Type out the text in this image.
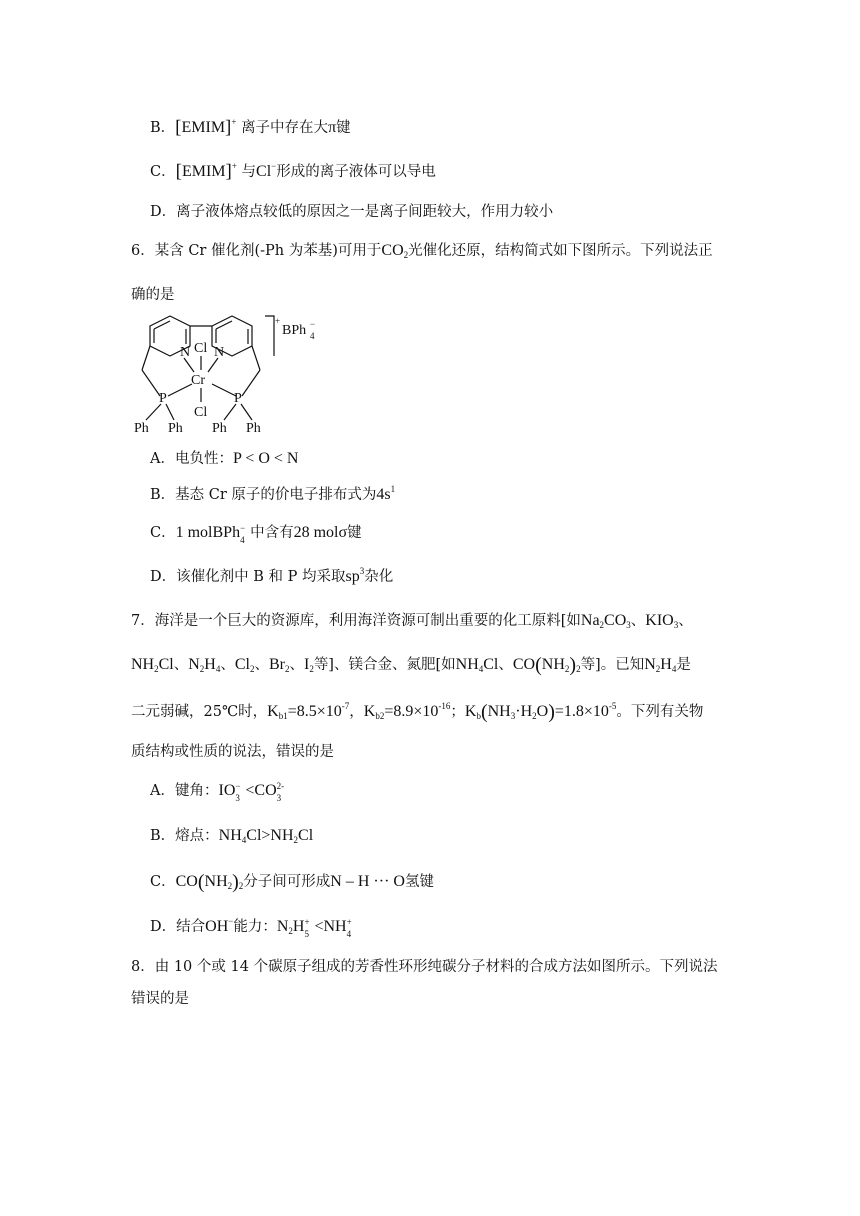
B．[EMIM]+ 离子中存在大π键
C．[EMIM]+ 与Cl−形成的离子液体可以导电
D．离子液体熔点较低的原因之一是离子间距较大，作用力较小
6．某含 Cr 催化剂(-Ph 为苯基)可用于$CO_2$光催化还原，结构简式如下图所示。下列说法正
确的是
N Cl N
Cr
Cl
P	P
Ph Ph Ph Ph
+
BPh 4
−
A．电负性：P < O < N
B．基态 Cr 原子的价电子排布式为$4s^1$
C．1 molBPh −
4 中含有28 molσ键
D．该催化剂中 B 和 P 均采取$sp^3$杂化
7．海洋是一个巨大的资源库，利用海洋资源可制出重要的化工原料[如$Na_2CO_3$、$KIO_3$、
$NH_2Cl$、$N_2H_4$、$Cl_2$、$Br_2$、$I_2$等]、镁合金、氮肥[如$NH_4Cl$、$CO(NH_2)_2$等]。已知$N_2H_4$是
二元弱碱，25℃时，$K_{b1}=8.5\times 10^{-7}$，$K_{b2}=8.9\times 10^{-16}$；$K_b(NH_3\cdot H_2O)=1.8\times 10^{-5}$。下列有关物
质结构或性质的说法，错误的是
A．键角：IO −
3 <CO 2-
3
B．熔点：$NH_4Cl>NH_2Cl$
C．$CO(NH_2)_2$分子间可形成N – H ··· O氢键
D．结合OH−能力：$N_2H$ +
5 <NH +
4
8．由 10 个或 14 个碳原子组成的芳香性环形纯碳分子材料的合成方法如图所示。下列说法
错误的是
